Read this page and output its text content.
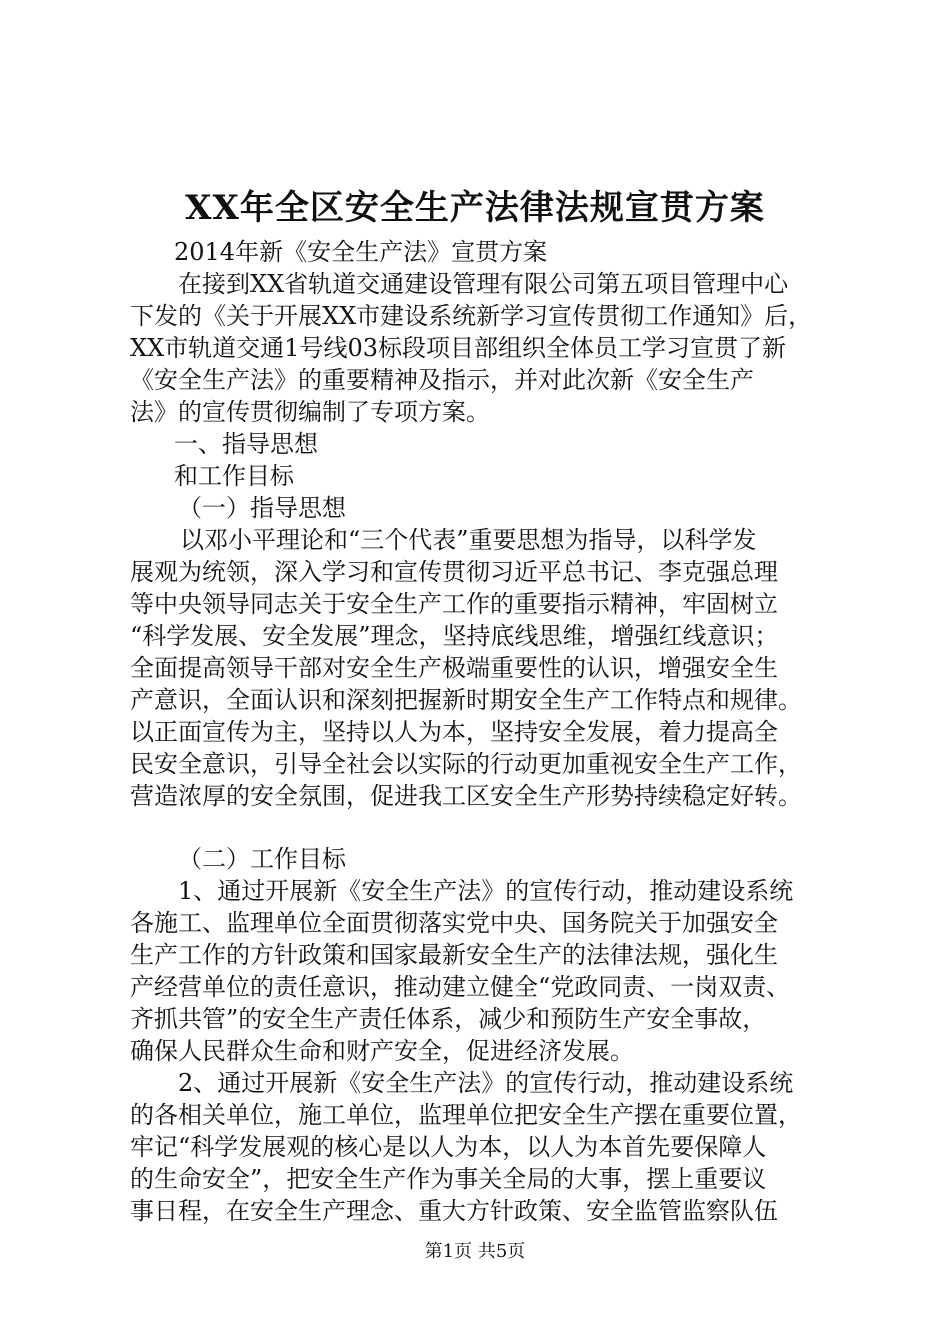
XX年全区安全生产法律法规宣贯方案
2014年新《安全生产法》宣贯方案
在接到XX省轨道交通建设管理有限公司第五项目管理中心
下发的《关于开展XX市建设系统新学习宣传贯彻工作通知》后，
XX市轨道交通1号线03标段项目部组织全体员工学习宣贯了新
《安全生产法》的重要精神及指示，并对此次新《安全生产
法》的宣传贯彻编制了专项方案。
一、指导思想
和工作目标
（一）指导思想
以邓小平理论和“三个代表”重要思想为指导，以科学发
展观为统领，深入学习和宣传贯彻习近平总书记、李克强总理
等中央领导同志关于安全生产工作的重要指示精神，牢固树立
“科学发展、安全发展”理念，坚持底线思维，增强红线意识；
全面提高领导干部对安全生产极端重要性的认识，增强安全生
产意识，全面认识和深刻把握新时期安全生产工作特点和规律。
以正面宣传为主，坚持以人为本，坚持安全发展，着力提高全
民安全意识，引导全社会以实际的行动更加重视安全生产工作，
营造浓厚的安全氛围，促进我工区安全生产形势持续稳定好转。
（二）工作目标
1、通过开展新《安全生产法》的宣传行动，推动建设系统
各施工、监理单位全面贯彻落实党中央、国务院关于加强安全
生产工作的方针政策和国家最新安全生产的法律法规，强化生
产经营单位的责任意识，推动建立健全“党政同责、一岗双责、
齐抓共管”的安全生产责任体系，减少和预防生产安全事故，
确保人民群众生命和财产安全，促进经济发展。
2、通过开展新《安全生产法》的宣传行动，推动建设系统
的各相关单位，施工单位，监理单位把安全生产摆在重要位置，
牢记“科学发展观的核心是以人为本，以人为本首先要保障人
的生命安全”，把安全生产作为事关全局的大事，摆上重要议
事日程，在安全生产理念、重大方针政策、安全监管监察队伍
第1页 共5页
